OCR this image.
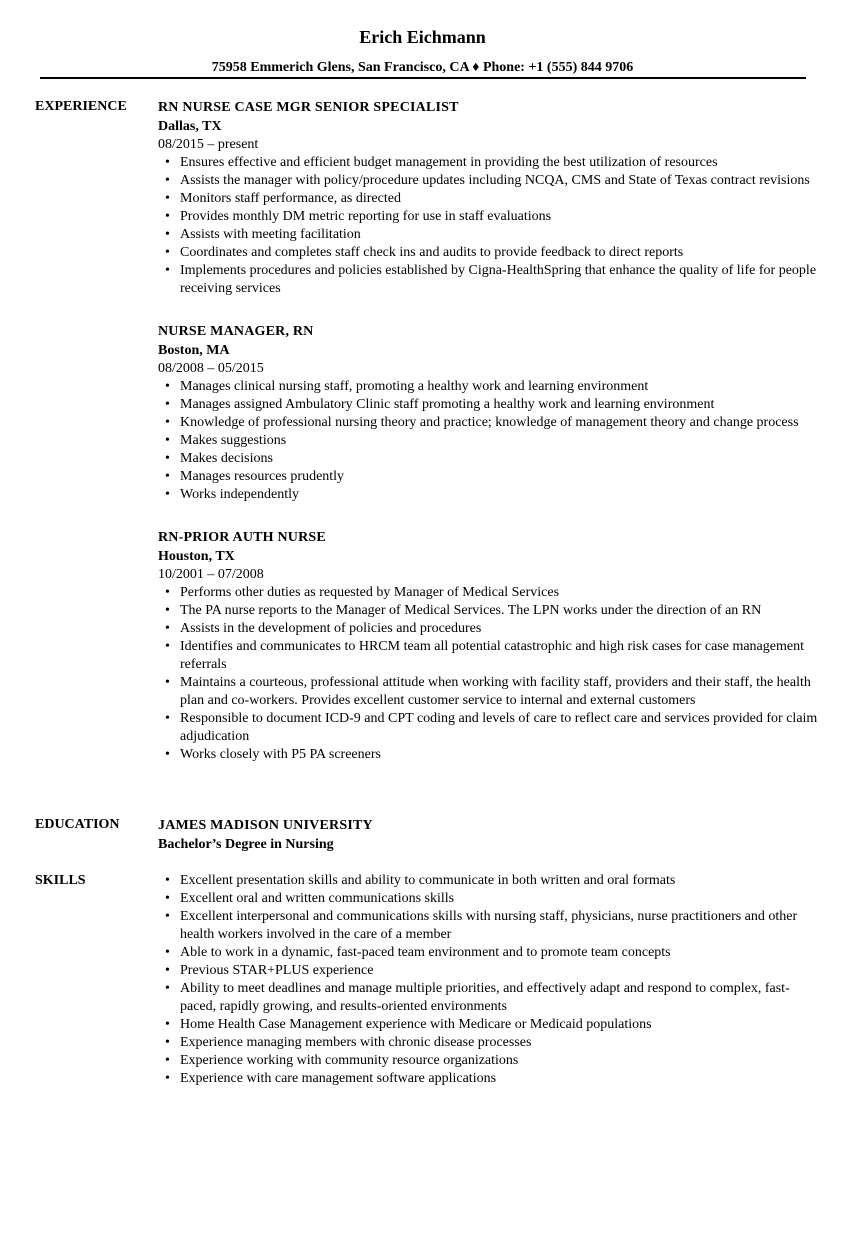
Erich Eichmann
75958 Emmerich Glens, San Francisco, CA ♦ Phone: +1 (555) 844 9706
EXPERIENCE RN NURSE CASE MGR SENIOR SPECIALIST
Dallas, TX
08/2015 – present
• Ensures effective and efficient budget management in providing the best utilization of resources
• Assists the manager with policy/procedure updates including NCQA, CMS and State of Texas contract revisions
• Monitors staff performance, as directed
• Provides monthly DM metric reporting for use in staff evaluations
• Assists with meeting facilitation
• Coordinates and completes staff check ins and audits to provide feedback to direct reports
• Implements procedures and policies established by Cigna-HealthSpring that enhance the quality of life for people receiving services
NURSE MANAGER, RN
Boston, MA
08/2008 – 05/2015
• Manages clinical nursing staff, promoting a healthy work and learning environment
• Manages assigned Ambulatory Clinic staff promoting a healthy work and learning environment
• Knowledge of professional nursing theory and practice; knowledge of management theory and change process
• Makes suggestions
• Makes decisions
• Manages resources prudently
• Works independently
RN-PRIOR AUTH NURSE
Houston, TX
10/2001 – 07/2008
• Performs other duties as requested by Manager of Medical Services
• The PA nurse reports to the Manager of Medical Services. The LPN works under the direction of an RN
• Assists in the development of policies and procedures
• Identifies and communicates to HRCM team all potential catastrophic and high risk cases for case management referrals
• Maintains a courteous, professional attitude when working with facility staff, providers and their staff, the health plan and co-workers. Provides excellent customer service to internal and external customers
• Responsible to document ICD-9 and CPT coding and levels of care to reflect care and services provided for claim adjudication
• Works closely with P5 PA screeners
EDUCATION	JAMES MADISON UNIVERSITY
Bachelor’s Degree in Nursing
SKILLS
•	Excellent presentation skills and ability to communicate in both written and oral formats
• Excellent oral and written communications skills
• Excellent interpersonal and communications skills with nursing staff, physicians, nurse practitioners and other health workers involved in the care of a member
• Able to work in a dynamic, fast-paced team environment and to promote team concepts
• Previous STAR+PLUS experience
• Ability to meet deadlines and manage multiple priorities, and effectively adapt and respond to complex, fast-paced, rapidly growing, and results-oriented environments
• Home Health Case Management experience with Medicare or Medicaid populations
• Experience managing members with chronic disease processes
• Experience working with community resource organizations
• Experience with care management software applications
